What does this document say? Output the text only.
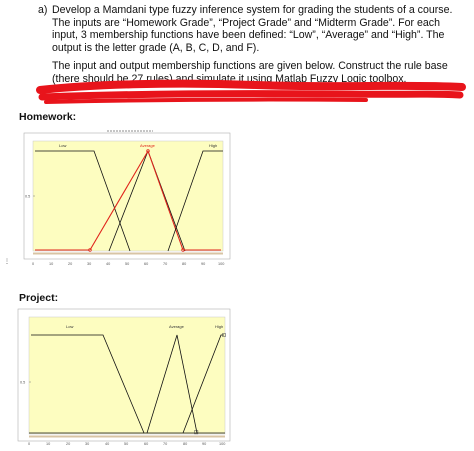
a) Develop a Mamdani type fuzzy inference system for grading the students of a course.
The inputs are “Homework Grade”, “Project Grade” and “Midterm Grade”. For each
input, 3 membership functions have been defined: “Low”, “Average” and “High”. The
output is the letter grade (A, B, C, D, and F).

The input and output membership functions are given below. Construct the rule base
(there should be 27 rules) and simulate it using Matlab Fuzzy Logic toolbox.

Homework:
⋮
0.5
Low	Average	High
0	10	20	30	40	50	60	70	80	90	100
Project:
0.5
Low	Average	High
0	10	20	30	40	50	60	70	80	90	100
